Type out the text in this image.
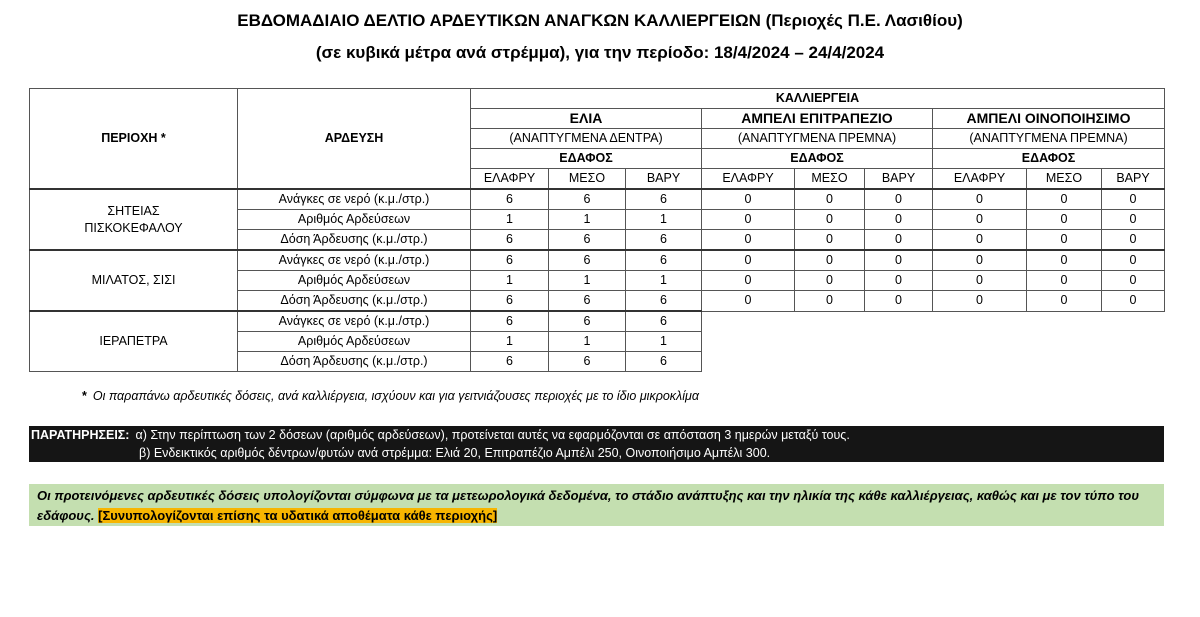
ΕΒΔΟΜΑΔΙΑΙΟ ΔΕΛΤΙΟ ΑΡΔΕΥΤΙΚΩΝ ΑΝΑΓΚΩΝ ΚΑΛΛΙΕΡΓΕΙΩΝ (Περιοχές Π.Ε. Λασιθίου)
(σε κυβικά μέτρα ανά στρέμμα), για την περίοδο: 18/4/2024 – 24/4/2024
ΠΕΡΙΟΧΗ *	ΑΡΔΕΥΣΗ	ΚΑΛΛΙΕΡΓΕΙΑ								
		ΕΛΙΑ			ΑΜΠΕΛΙ ΕΠΙΤΡΑΠΕΖΙΟ			ΑΜΠΕΛΙ ΟΙΝΟΠΟΙΗΣΙΜΟ		
		(ΑΝΑΠΤΥΓΜΕΝΑ ΔΕΝΤΡΑ)			(ΑΝΑΠΤΥΓΜΕΝΑ ΠΡΕΜΝΑ)			(ΑΝΑΠΤΥΓΜΕΝΑ ΠΡΕΜΝΑ)		
		ΕΔΑΦΟΣ			ΕΔΑΦΟΣ			ΕΔΑΦΟΣ		
		ΕΛΑΦΡΥ	ΜΕΣΟ	ΒΑΡΥ	ΕΛΑΦΡΥ	ΜΕΣΟ	ΒΑΡΥ	ΕΛΑΦΡΥ	ΜΕΣΟ	ΒΑΡΥ

ΣΗΤΕΙΑΣ
ΠΙΣΚΟΚΕΦΑΛΟΥ	Ανάγκες σε νερό (κ.μ./στρ.)	6	6	6	0	0	0	0	0	0
	Αριθμός Αρδεύσεων	1	1	1	0	0	0	0	0	0
	Δόση Άρδευσης (κ.μ./στρ.)	6	6	6	0	0	0	0	0	0

ΜΙΛΑΤΟΣ, ΣΙΣΙ	Ανάγκες σε νερό (κ.μ./στρ.)	6	6	6	0	0	0	0	0	0
	Αριθμός Αρδεύσεων	1	1	1	0	0	0	0	0	0
	Δόση Άρδευσης (κ.μ./στρ.)	6	6	6	0	0	0	0	0	0

ΙΕΡΑΠΕΤΡΑ	Ανάγκες σε νερό (κ.μ./στρ.)	6	6	6						
	Αριθμός Αρδεύσεων	1	1	1						
	Δόση Άρδευσης (κ.μ./στρ.)	6	6	6						
* Οι παραπάνω αρδευτικές δόσεις, ανά καλλιέργεια, ισχύουν και για γειτνιάζουσες περιοχές με το ίδιο μικροκλίμα
ΠΑΡΑΤΗΡΗΣΕΙΣ: α) Στην περίπτωση των 2 δόσεων (αριθμός αρδεύσεων), προτείνεται αυτές να εφαρμόζονται σε απόσταση 3 ημερών μεταξύ τους.
β) Ενδεικτικός αριθμός δέντρων/φυτών ανά στρέμμα: Ελιά 20, Επιτραπέζιο Αμπέλι 250, Οινοποιήσιμο Αμπέλι 300.
Οι προτεινόμενες αρδευτικές δόσεις υπολογίζονται σύμφωνα με τα μετεωρολογικά δεδομένα, το στάδιο ανάπτυξης και την ηλικία της κάθε καλλιέργειας, καθώς και με τον τύπο του εδάφους. [Συνυπολογίζονται επίσης τα υδατικά αποθέματα κάθε περιοχής]
